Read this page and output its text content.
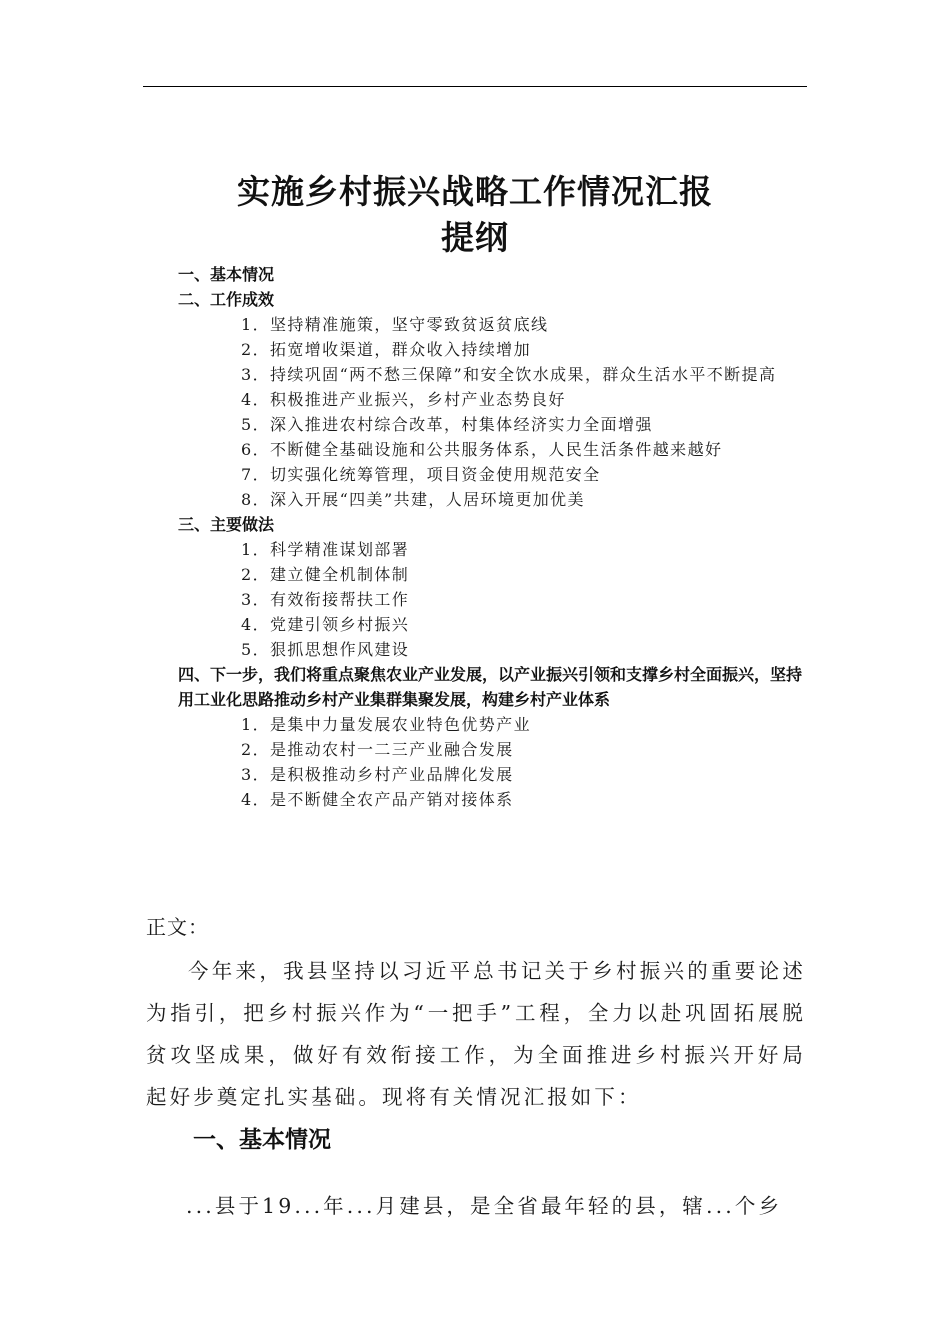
实施乡村振兴战略工作情况汇报
提纲
一、基本情况
二、工作成效
1．坚持精准施策，坚守零致贫返贫底线
2．拓宽增收渠道，群众收入持续增加
3．持续巩固“两不愁三保障”和安全饮水成果，群众生活水平不断提高
4．积极推进产业振兴，乡村产业态势良好
5．深入推进农村综合改革，村集体经济实力全面增强
6．不断健全基础设施和公共服务体系，人民生活条件越来越好
7．切实强化统筹管理，项目资金使用规范安全
8．深入开展“四美”共建，人居环境更加优美
三、主要做法
1．科学精准谋划部署
2．建立健全机制体制
3．有效衔接帮扶工作
4．党建引领乡村振兴
5．狠抓思想作风建设
四、下一步，我们将重点聚焦农业产业发展，以产业振兴引领和支撑乡村全面振兴，坚持用工业化思路推动乡村产业集群集聚发展，构建乡村产业体系
1．是集中力量发展农业特色优势产业
2．是推动农村一二三产业融合发展
3．是积极推动乡村产业品牌化发展
4．是不断健全农产品产销对接体系
正文：
今年来，我县坚持以习近平总书记关于乡村振兴的重要论述为指引，把乡村振兴作为“一把手”工程，全力以赴巩固拓展脱贫攻坚成果，做好有效衔接工作，为全面推进乡村振兴开好局起好步奠定扎实基础。现将有关情况汇报如下：
一、基本情况
...县于19...年...月建县，是全省最年轻的县，辖...个乡
